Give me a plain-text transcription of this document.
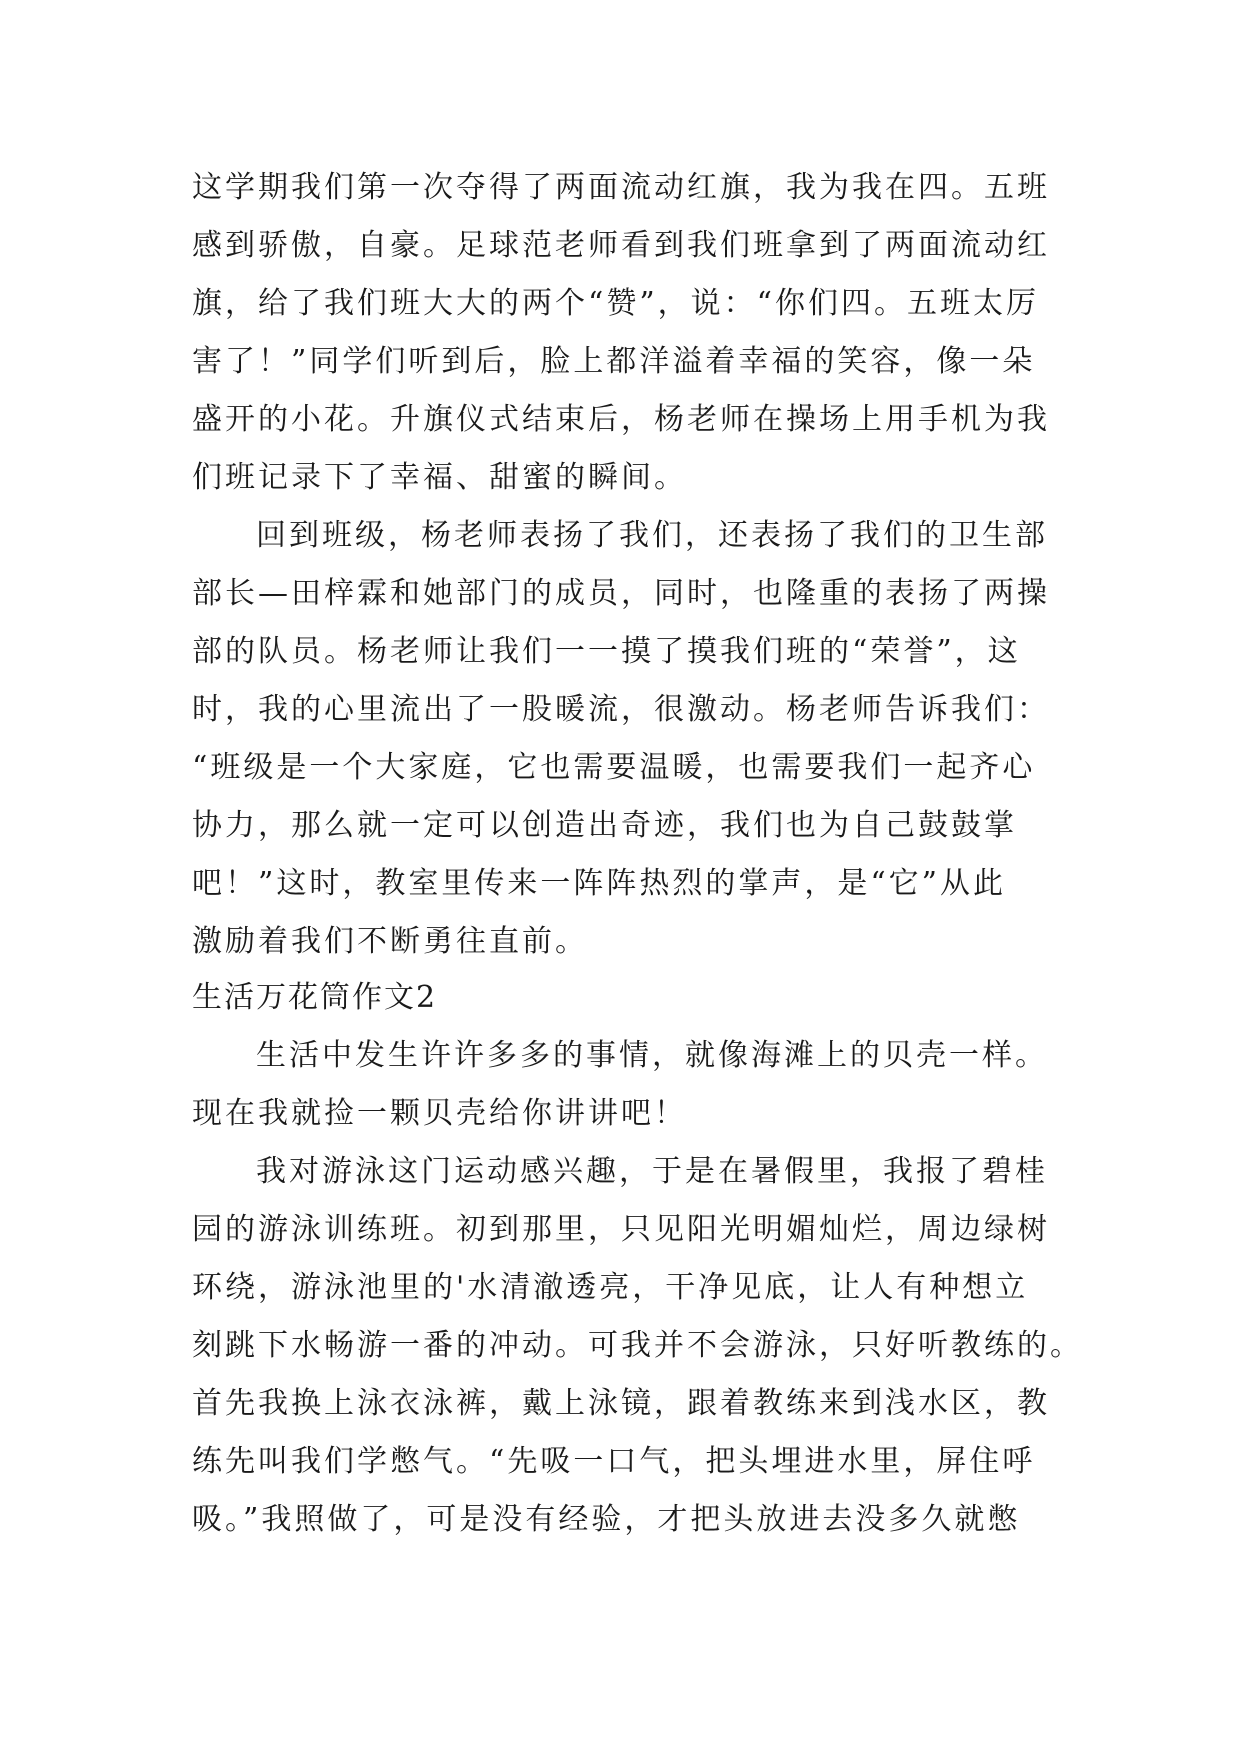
这学期我们第一次夺得了两面流动红旗，我为我在四。五班
感到骄傲，自豪。足球范老师看到我们班拿到了两面流动红
旗，给了我们班大大的两个“赞”，说：“你们四。五班太厉
害了！”同学们听到后，脸上都洋溢着幸福的笑容，像一朵
盛开的小花。升旗仪式结束后，杨老师在操场上用手机为我
们班记录下了幸福、甜蜜的瞬间。
回到班级，杨老师表扬了我们，还表扬了我们的卫生部
部长—田梓霖和她部门的成员，同时，也隆重的表扬了两操
部的队员。杨老师让我们一一摸了摸我们班的“荣誉”，这
时，我的心里流出了一股暖流，很激动。杨老师告诉我们：
“班级是一个大家庭，它也需要温暖，也需要我们一起齐心
协力，那么就一定可以创造出奇迹，我们也为自己鼓鼓掌
吧！”这时，教室里传来一阵阵热烈的掌声，是“它”从此
激励着我们不断勇往直前。
生活万花筒作文2
生活中发生许许多多的事情，就像海滩上的贝壳一样。
现在我就捡一颗贝壳给你讲讲吧！
我对游泳这门运动感兴趣，于是在暑假里，我报了碧桂
园的游泳训练班。初到那里，只见阳光明媚灿烂，周边绿树
环绕，游泳池里的'水清澈透亮，干净见底，让人有种想立
刻跳下水畅游一番的冲动。可我并不会游泳，只好听教练的。
首先我换上泳衣泳裤，戴上泳镜，跟着教练来到浅水区，教
练先叫我们学憋气。“先吸一口气，把头埋进水里，屏住呼
吸。”我照做了，可是没有经验，才把头放进去没多久就憋
